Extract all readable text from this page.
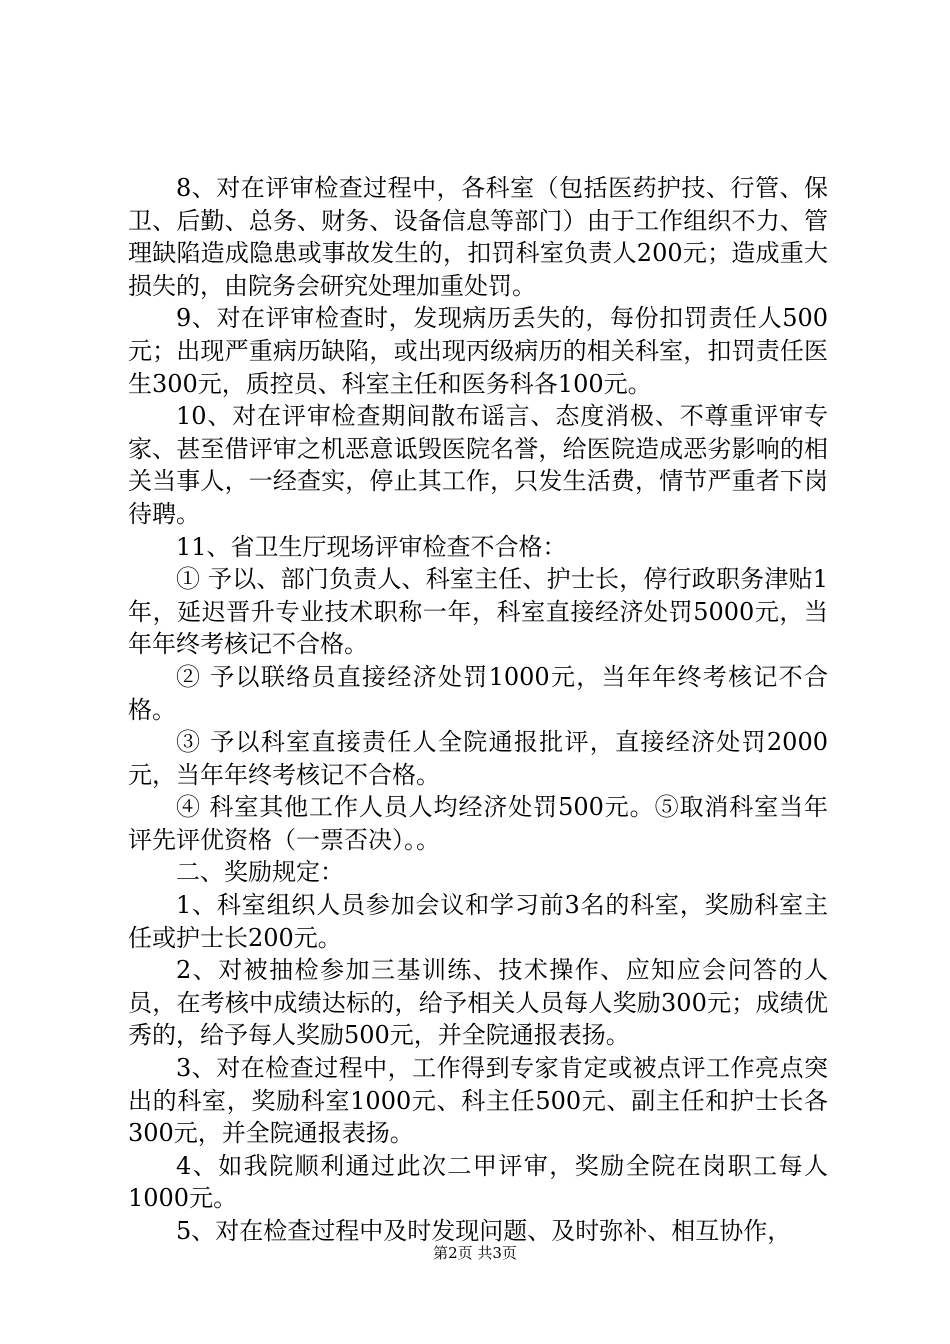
8、对在评审检查过程中，各科室（包括医药护技、行管、保卫、后勤、总务、财务、设备信息等部门）由于工作组织不力、管理缺陷造成隐患或事故发生的，扣罚科室负责人200元；造成重大损失的，由院务会研究处理加重处罚。

9、对在评审检查时，发现病历丢失的，每份扣罚责任人500元；出现严重病历缺陷，或出现丙级病历的相关科室，扣罚责任医生300元，质控员、科室主任和医务科各100元。

10、对在评审检查期间散布谣言、态度消极、不尊重评审专家、甚至借评审之机恶意诋毁医院名誉，给医院造成恶劣影响的相关当事人，一经查实，停止其工作，只发生活费，情节严重者下岗待聘。

11、省卫生厅现场评审检查不合格：

① 予以、部门负责人、科室主任、护士长，停行政职务津贴1年，延迟晋升专业技术职称一年，科室直接经济处罚5000元，当年年终考核记不合格。

② 予以联络员直接经济处罚1000元，当年年终考核记不合格。

③ 予以科室直接责任人全院通报批评，直接经济处罚2000元，当年年终考核记不合格。

④ 科室其他工作人员人均经济处罚500元。⑤取消科室当年评先评优资格（一票否决）。。

二、奖励规定：

1、科室组织人员参加会议和学习前3名的科室，奖励科室主任或护士长200元。

2、对被抽检参加三基训练、技术操作、应知应会问答的人员，在考核中成绩达标的，给予相关人员每人奖励300元；成绩优秀的，给予每人奖励500元，并全院通报表扬。

3、对在检查过程中，工作得到专家肯定或被点评工作亮点突出的科室，奖励科室1000元、科主任500元、副主任和护士长各300元，并全院通报表扬。

4、如我院顺利通过此次二甲评审，奖励全院在岗职工每人1000元。

5、对在检查过程中及时发现问题、及时弥补、相互协作，

第2页 共3页
